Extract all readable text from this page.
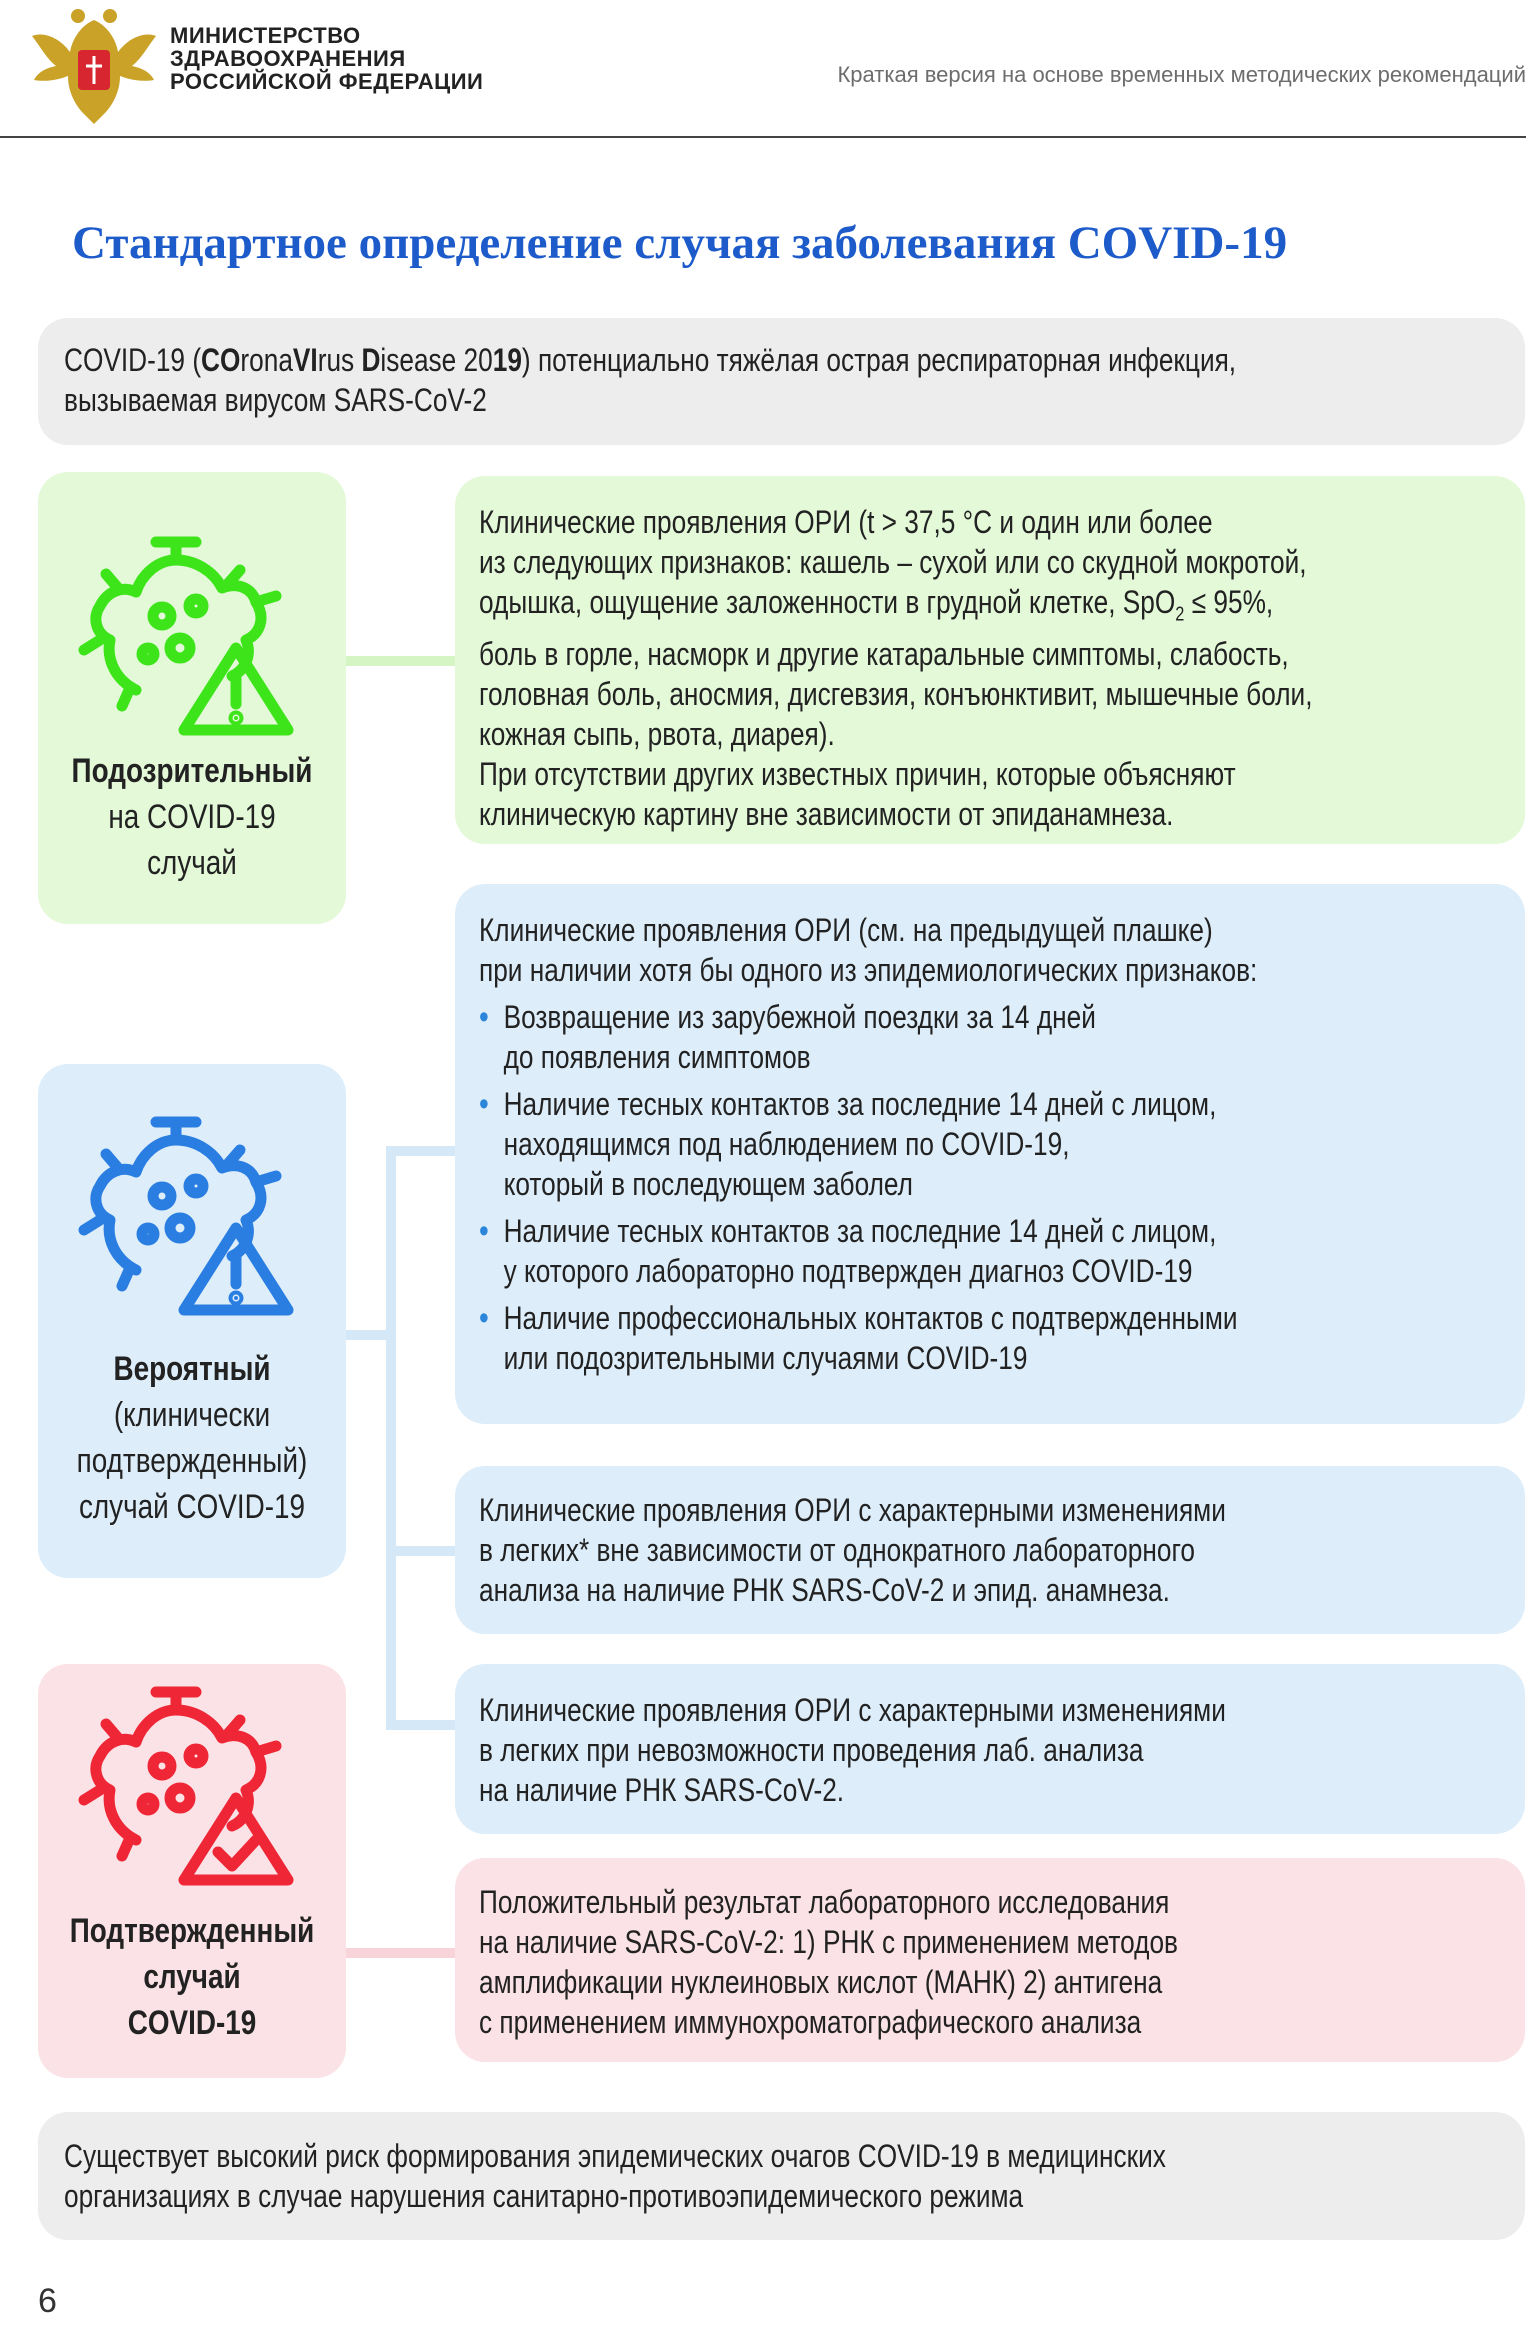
МИНИСТЕРСТВО
ЗДРАВООХРАНЕНИЯ
РОССИЙСКОЙ ФЕДЕРАЦИИ	Краткая версия на основе временных методических рекомендаций
Стандартное определение случая заболевания COVID-19

COVID-19 (COronaVIrus Disease 2019) потенциально тяжёлая острая респираторная инфекция,

вызываемая вирусом SARS-CoV-2

Подозрительный

на COVID-19

случай

Клинические проявления ОРИ (t > 37,5 °С и один или более

из следующих признаков: кашель – сухой или со скудной мокротой,

одышка, ощущение заложенности в грудной клетке, SpO$_2$ ≤ 95%,

боль в горле, насморк и другие катаральные симптомы, слабость,

головная боль, аносмия, дисгевзия, конъюнктивит, мышечные боли,

кожная сыпь, рвота, диарея).

При отсутствии других известных причин, которые объясняют

клиническую картину вне зависимости от эпиданамнеза.

Вероятный

(клинически

подтвержденный)

случай COVID-19

Клинические проявления ОРИ (см. на предыдущей плашке)

при наличии хотя бы одного из эпидемиологических признаков:

• Возвращение из зарубежной поездки за 14 дней

до появления симптомов

• Наличие тесных контактов за последние 14 дней с лицом,

находящимся под наблюдением по COVID-19,

который в последующем заболел

• Наличие тесных контактов за последние 14 дней с лицом,

у которого лабораторно подтвержден диагноз COVID-19

• Наличие профессиональных контактов с подтвержденными

или подозрительными случаями COVID-19

Клинические проявления ОРИ с характерными изменениями

в легких* вне зависимости от однократного лабораторного

анализа на наличие РНК SARS-CoV-2 и эпид. анамнеза.

Клинические проявления ОРИ с характерными изменениями

в легких при невозможности проведения лаб. анализа

на наличие РНК SARS-CoV-2.

Подтвержденный

случай

COVID-19

Положительный результат лабораторного исследования

на наличие SARS-CoV-2: 1) РНК с применением методов

амплификации нуклеиновых кислот (МАНК) 2) антигена

с применением иммунохроматографического анализа

Существует высокий риск формирования эпидемических очагов COVID-19 в медицинских

организациях в случае нарушения санитарно-противоэпидемического режима

6
